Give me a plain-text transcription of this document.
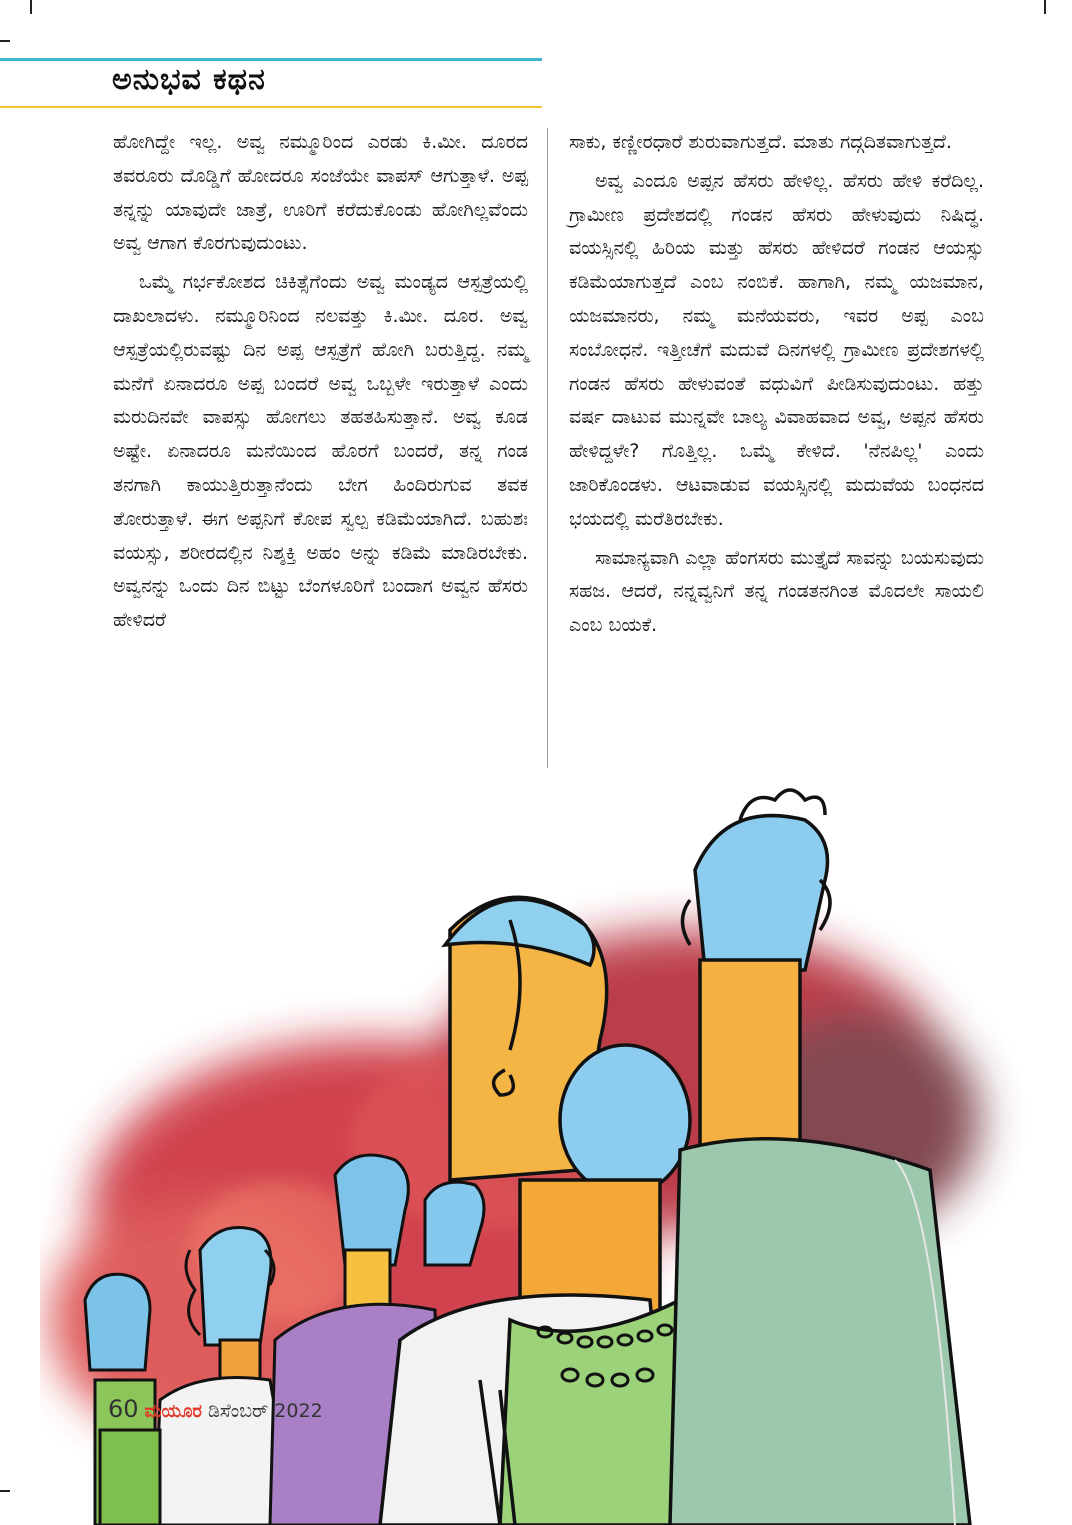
ಅನುಭವ ಕಥನ

ಹೋಗಿದ್ದೇ ಇಲ್ಲ. ಅವ್ವ ನಮ್ಮೂರಿಂದ ಎರಡು ಕಿ.ಮೀ. ದೂರದ ತವರೂರು ದೊಡ್ಡಿಗೆ ಹೋದರೂ ಸಂಜೆಯೇ ವಾಪಸ್ ಆಗುತ್ತಾಳೆ. ಅಪ್ಪ ತನ್ನನ್ನು ಯಾವುದೇ ಜಾತ್ರೆ, ಊರಿಗೆ ಕರೆದುಕೊಂಡು ಹೋಗಿಲ್ಲವೆಂದು ಅವ್ವ ಆಗಾಗ ಕೊರಗುವುದುಂಟು.

ಒಮ್ಮೆ ಗರ್ಭಕೋಶದ ಚಿಕಿತ್ಸೆಗೆಂದು ಅವ್ವ ಮಂಡ್ಯದ ಆಸ್ಪತ್ರೆಯಲ್ಲಿ ದಾಖಲಾದಳು. ನಮ್ಮೂರಿನಿಂದ ನಲವತ್ತು ಕಿ.ಮೀ. ದೂರ. ಅವ್ವ ಆಸ್ಪತ್ರೆಯಲ್ಲಿರುವಷ್ಟು ದಿನ ಅಪ್ಪ ಆಸ್ಪತ್ರೆಗೆ ಹೋಗಿ ಬರುತ್ತಿದ್ದ. ನಮ್ಮ ಮನೆಗೆ ಏನಾದರೂ ಅಪ್ಪ ಬಂದರೆ ಅವ್ವ ಒಬ್ಬಳೇ ಇರುತ್ತಾಳೆ ಎಂದು ಮರುದಿನವೇ ವಾಪಸ್ಸು ಹೋಗಲು ತಹತಹಿಸುತ್ತಾನೆ. ಅವ್ವ ಕೂಡ ಅಷ್ಟೇ. ಏನಾದರೂ ಮನೆಯಿಂದ ಹೊರಗೆ ಬಂದರೆ, ತನ್ನ ಗಂಡ ತನಗಾಗಿ ಕಾಯುತ್ತಿರುತ್ತಾನೆಂದು ಬೇಗ ಹಿಂದಿರುಗುವ ತವಕ ತೋರುತ್ತಾಳೆ. ಈಗ ಅಪ್ಪನಿಗೆ ಕೋಪ ಸ್ವಲ್ಪ ಕಡಿಮೆಯಾಗಿದೆ. ಬಹುಶಃ ವಯಸ್ಸು, ಶರೀರದಲ್ಲಿನ ನಿಶ್ಶಕ್ತಿ ಅಹಂ ಅನ್ನು ಕಡಿಮೆ ಮಾಡಿರಬೇಕು. ಅವ್ವನನ್ನು ಒಂದು ದಿನ ಬಿಟ್ಟು ಬೆಂಗಳೂರಿಗೆ ಬಂದಾಗ ಅವ್ವನ ಹೆಸರು ಹೇಳಿದರೆ

ಸಾಕು, ಕಣ್ಣೀರಧಾರೆ ಶುರುವಾಗುತ್ತದೆ. ಮಾತು ಗದ್ಗದಿತವಾಗುತ್ತದೆ.

ಅವ್ವ ಎಂದೂ ಅಪ್ಪನ ಹೆಸರು ಹೇಳಿಲ್ಲ. ಹೆಸರು ಹೇಳಿ ಕರೆದಿಲ್ಲ. ಗ್ರಾಮೀಣ ಪ್ರದೇಶದಲ್ಲಿ ಗಂಡನ ಹೆಸರು ಹೇಳುವುದು ನಿಷಿದ್ಧ. ವಯಸ್ಸಿನಲ್ಲಿ ಹಿರಿಯ ಮತ್ತು ಹೆಸರು ಹೇಳಿದರೆ ಗಂಡನ ಆಯಸ್ಸು ಕಡಿಮೆಯಾಗುತ್ತದೆ ಎಂಬ ನಂಬಿಕೆ. ಹಾಗಾಗಿ, ನಮ್ಮ ಯಜಮಾನ, ಯಜಮಾನರು, ನಮ್ಮ ಮನೆಯವರು, ಇವರ ಅಪ್ಪ ಎಂಬ ಸಂಬೋಧನೆ. ಇತ್ತೀಚೆಗೆ ಮದುವೆ ದಿನಗಳಲ್ಲಿ ಗ್ರಾಮೀಣ ಪ್ರದೇಶಗಳಲ್ಲಿ ಗಂಡನ ಹೆಸರು ಹೇಳುವಂತೆ ವಧುವಿಗೆ ಪೀಡಿಸುವುದುಂಟು. ಹತ್ತು ವರ್ಷ ದಾಟುವ ಮುನ್ನವೇ ಬಾಲ್ಯ ವಿವಾಹವಾದ ಅವ್ವ, ಅಪ್ಪನ ಹೆಸರು ಹೇಳಿದ್ದಳೇ? ಗೊತ್ತಿಲ್ಲ. ಒಮ್ಮೆ ಕೇಳಿದೆ. 'ನೆನಪಿಲ್ಲ' ಎಂದು ಜಾರಿಕೊಂಡಳು. ಆಟವಾಡುವ ವಯಸ್ಸಿನಲ್ಲಿ ಮದುವೆಯ ಬಂಧನದ ಭಯದಲ್ಲಿ ಮರೆತಿರಬೇಕು.

ಸಾಮಾನ್ಯವಾಗಿ ಎಲ್ಲಾ ಹೆಂಗಸರು ಮುತ್ತೈದೆ ಸಾವನ್ನು ಬಯಸುವುದು ಸಹಜ. ಆದರೆ, ನನ್ನವ್ವನಿಗೆ ತನ್ನ ಗಂಡತನಗಿಂತ ಮೊದಲೇ ಸಾಯಲಿ ಎಂಬ ಬಯಕೆ.

60 ಮಯೂರ ಡಿಸೆಂಬರ್ 2022
